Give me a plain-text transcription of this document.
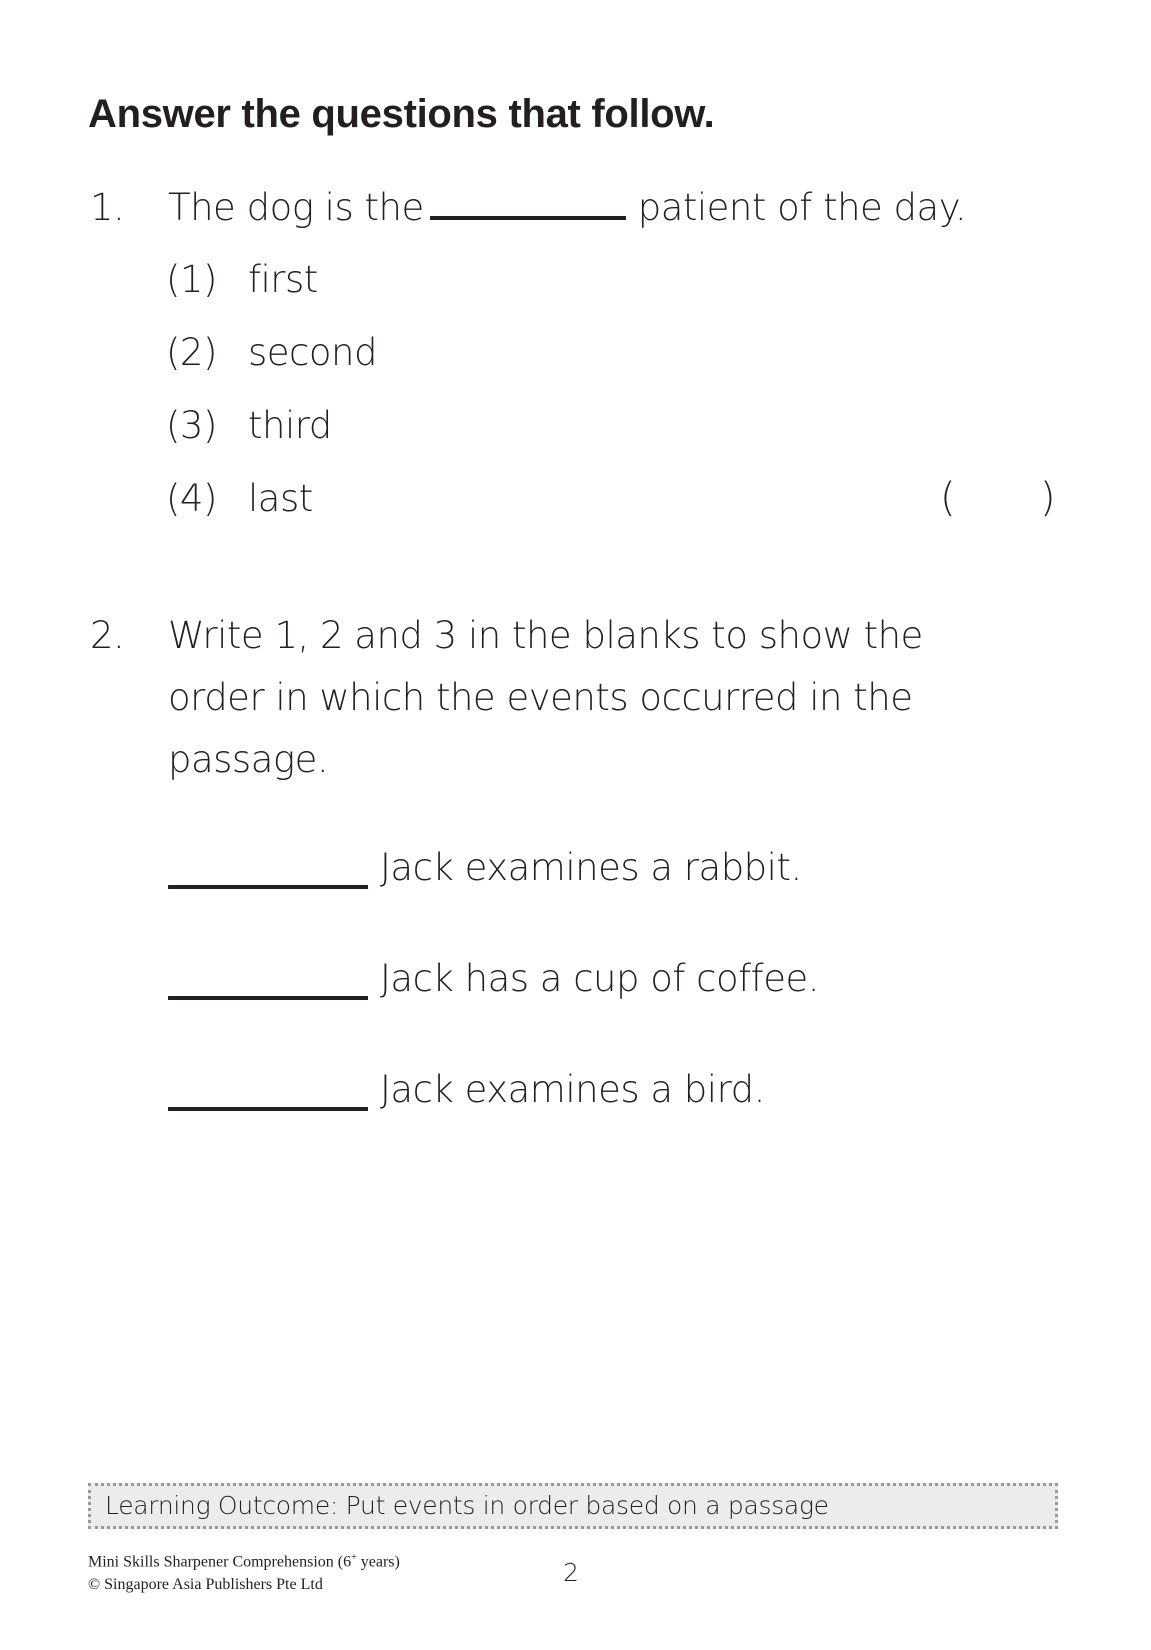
Answer the questions that follow.
1. The dog is the	patient of the day.
(1) first
(2) second
(3) third
(4) last	( )
2. Write 1, 2 and 3 in the blanks to show the
order in which the events occurred in the
passage.
Jack examines a rabbit.
Jack has a cup of coffee.
Jack examines a bird.
Learning Outcome: Put events in order based on a passage
Mini Skills Sharpener Comprehension (6+ years)
© Singapore Asia Publishers Pte Ltd	2
